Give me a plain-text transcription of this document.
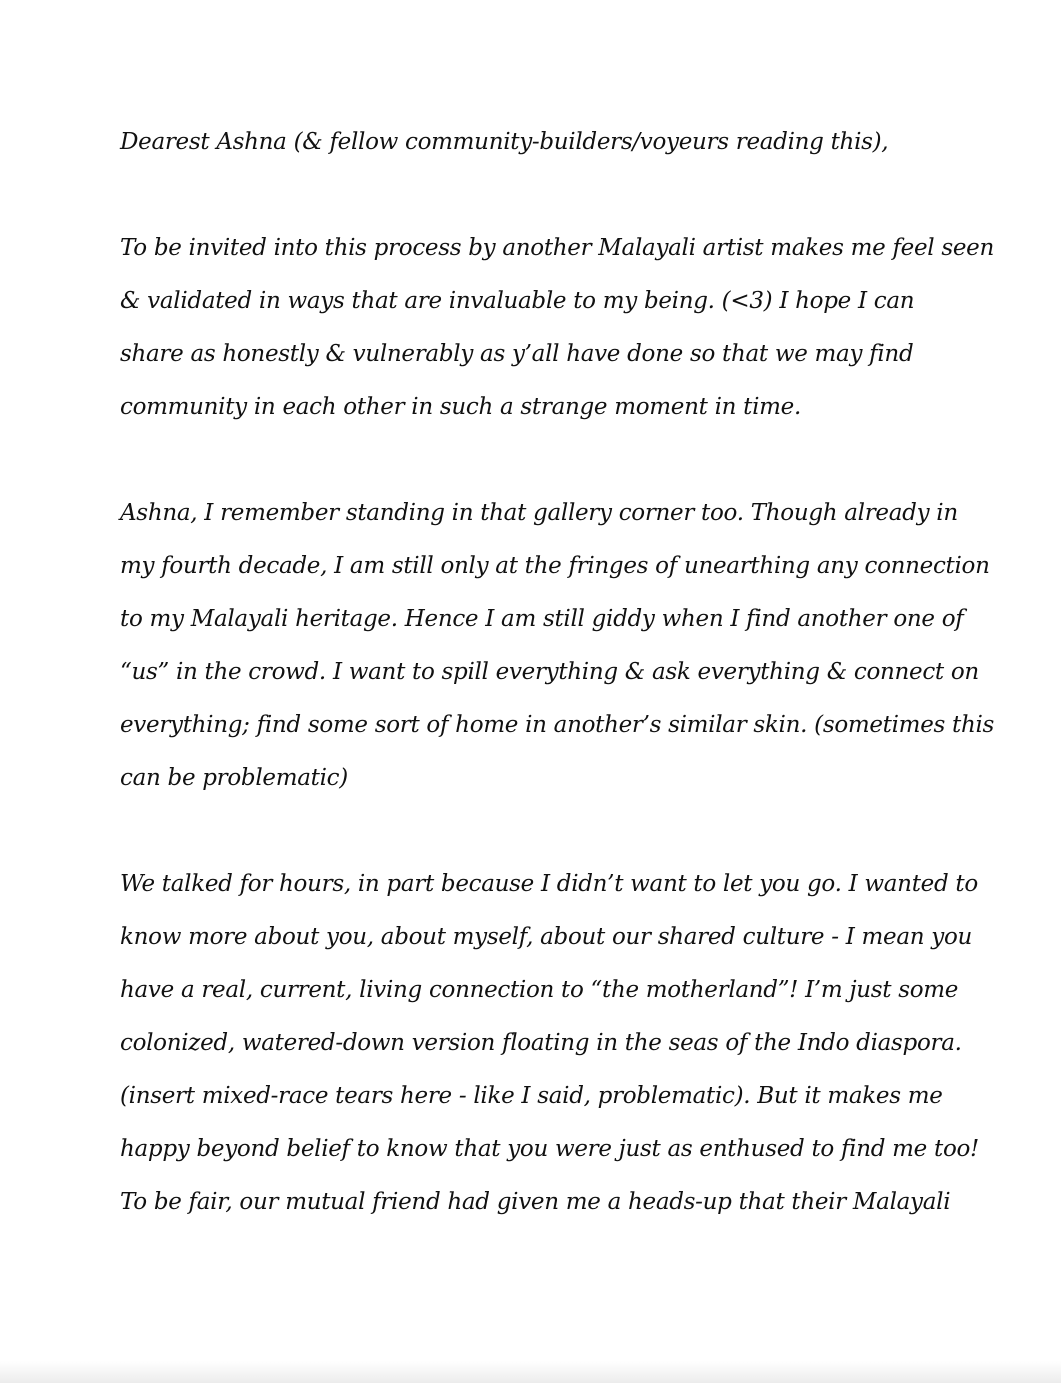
Dearest Ashna (& fellow community-builders/voyeurs reading this),
To be invited into this process by another Malayali artist makes me feel seen
& validated in ways that are invaluable to my being. (<3) I hope I can
share as honestly & vulnerably as y’all have done so that we may find
community in each other in such a strange moment in time.
Ashna, I remember standing in that gallery corner too. Though already in
my fourth decade, I am still only at the fringes of unearthing any connection
to my Malayali heritage. Hence I am still giddy when I find another one of
“us” in the crowd. I want to spill everything & ask everything & connect on
everything; find some sort of home in another’s similar skin. (sometimes this
can be problematic)
We talked for hours, in part because I didn’t want to let you go. I wanted to
know more about you, about myself, about our shared culture - I mean you
have a real, current, living connection to “the motherland”! I’m just some
colonized, watered-down version floating in the seas of the Indo diaspora.
(insert mixed-race tears here - like I said, problematic). But it makes me
happy beyond belief to know that you were just as enthused to find me too!
To be fair, our mutual friend had given me a heads-up that their Malayali
